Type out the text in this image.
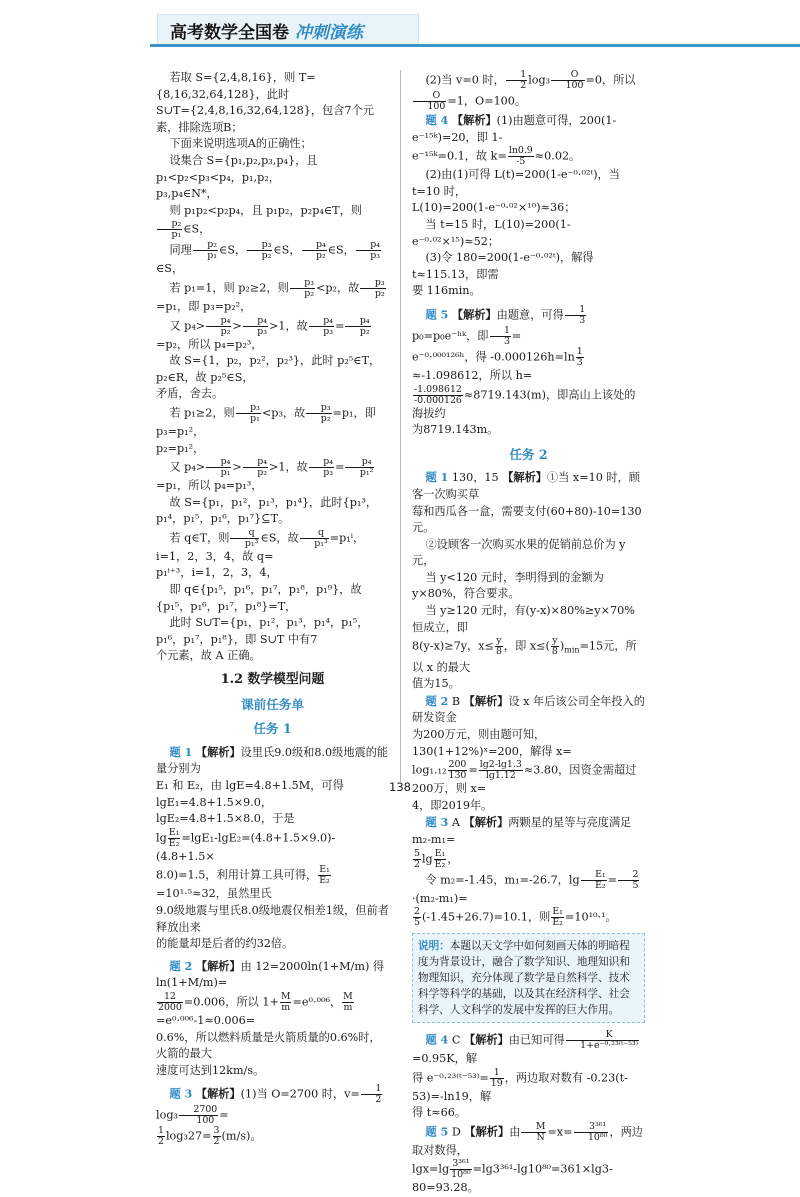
高考数学全国卷 冲刺演练

若取 S={2,4,8,16}，则 T={8,16,32,64,128}，此时

S∪T={2,4,8,16,32,64,128}，包含7个元素，排除选项B；

下面来说明选项A的正确性；

设集合 S={p₁,p₂,p₃,p₄}，且 p₁<p₂<p₃<p₄，p₁,p₂，

p₃,p₄∈N*，

则 p₁p₂<p₂p₄，且 p₁p₂，p₂p₄∈T，则
$\frac{\text{p₂}}{\text{p₁}}$ ∈S，

同理 $\frac{\text{p₂}}{\text{p₁}}$ ∈S， $\frac{\text{p₃}}{\text{p₂}}$ ∈S， $\frac{\text{p₄}}{\text{p₂}}$ ∈S， $\frac{\text{p₄}}{\text{p₃}}$
∈S，

若 p₁=1，则 p₂≥2，则 $\frac{\text{p₃}}{\text{p₂}} <p_2$，故 $\frac{\text{p₃}}{\text{p₂}}$
=p₁，即 p₃=p₂²，

又 $p_4> \frac{\text{p₄}}{\text{p₂}} > \frac{\text{p₄}}{\text{p₃}} >1$，故 $\frac{\text{p₄}}{\text{p₃}} = \frac{\text{p₄}}{\text{p₂}}$
=p₂，所以 p₄=p₂³，

故 S={1，p₂，p₂²，p₂³}，此时 p₂⁵∈T，p₂∈R，故 p₂⁵∈S，

矛盾，舍去。

若 p₁≥2，则 $\frac{\text{p₃}}{\text{p₁}} <p_3$，故 $\frac{\text{p₃}}{\text{p₂}} =p_1$，即 p₃=p₁²，

p₂=p₁²，

又 $p_4> \frac{\text{p₄}}{\text{p₁}} > \frac{\text{p₄}}{\text{p₂}} >1$，故 $\frac{\text{p₄}}{\text{p₃}} = \frac{\text{p₄}}{\text{p₁²}}$
=p₁，所以 p₄=p₁³，

故 S={p₁，p₁²，p₁³，p₁⁴}，此时{p₁³，p₁⁴，p₁⁵，p₁⁶，p₁⁷}⊆T。

若 q∈T，则 $\frac{q}{\text{p₁³}}$ ∈S，故 $\frac{q}{\text{p₁³}} =p_1^i$，i=1，2，3，4，故 q=

p₁ⁱ⁺³，i=1，2，3，4，

即 q∈{p₁⁵，p₁⁶，p₁⁷，p₁⁸，p₁⁹}，故{p₁⁵，p₁⁶，p₁⁷，p₁⁸}=T，

此时 S∪T={p₁，p₁²，p₁³，p₁⁴，p₁⁵，p₁⁶，p₁⁷，p₁⁸}，即 S∪T 中有7

个元素，故 A 正确。

1.2 数学模型问题
课前任务单
任务 1

题 1 【解析】设里氏9.0级和8.0级地震的能量分别为

E₁ 和 E₂，由 lgE=4.8+1.5M，可得 lgE₁=4.8+1.5×9.0，

lgE₂=4.8+1.5×8.0，于是

$\lg \frac{\text{E₁}}{\text{E₂}} =\lg E_1-\lg E_2=(4.8+1.5\times 9.0)-(4.8+1.5\times$

8.0)=1.5，利用计算工具可得， $\frac{\text{E₁}}{\text{E₂}}$
=10¹·⁵≈32，虽然里氏

9.0级地震与里氏8.0级地震仅相差1级，但前者释放出来

的能量却是后者的约32倍。

题 2 【解析】由 12=2000ln(1+M/m) 得 ln(1+M/m)=

$\frac{12}{2000} =0.006$，所以 $1+ \frac{M}{m} =e^0\cdot^{006}$， $\frac{M}{m}$
=e⁰·⁰⁰⁶-1≈0.006=

0.6%，所以燃料质量是火箭质量的0.6%时，火箭的最大

速度可达到12km/s。

题 3 【解析】(1)当 O=2700 时，$v= \frac{1}{2}$
$\log_3 \frac{2700}{100}$ =

$\frac{1}{2} \log_327= \frac{3}{2} (m/s)$。

(2)当 v=0 时， $\frac{1}{2} \log_3 \frac{O}{100} =0$，所以
$\frac{O}{100} =1$，O=100。

题 4 【解析】(1)由题意可得，200(1-e⁻¹⁵ᵏ)=20，即 1-

e⁻¹⁵ᵏ=0.1，故 $k= \frac{\ln 0.9}{-5} \approx 0.02$。

(2)由(1)可得 L(t)=200(1-e⁻⁰·⁰²ᵗ)，当 t=10 时，

L(10)=200(1-e⁻⁰·⁰²×¹⁰)≈36；

当 t=15 时，L(10)=200(1-e⁻⁰·⁰²×¹⁵)≈52；

(3)令 180=200(1-e⁻⁰·⁰²ᵗ)，解得 t≈115.13，即需

要 116min。

题 5 【解析】由题意，可得 $\frac{1}{3}$
p₀=p₀e⁻ʰᵏ，即 $\frac{1}{3}$ =

e⁻⁰·⁰⁰⁰¹²⁶ʰ，得 $-0.000126h=\ln \frac{1}{3}$
≈-1.098612，所以 h=

$\frac{-1.098612}{-0.000126} \approx 8719.143(m)$，即高山上该处的海拔约

为8719.143m。

任务 2

题 1 130，15 【解析】①当 x=10 时，顾客一次购买草

莓和西瓜各一盒，需要支付(60+80)-10=130元。

②设顾客一次购买水果的促销前总价为 y 元，

当 y<120 元时，李明得到的金额为 y×80%，符合要求。

当 y≥120 元时，有(y-x)×80%≥y×70%恒成立，即

8(y-x)≥7y，$x\le \frac{y}{8}$ ，即 $x\le( \frac{y}{8} )_{min}=15$元，所以 x 的最大

值为15。

题 2 B 【解析】设 x 年后该公司全年投入的研发资金

为200万元，则由题可知，130(1+12%)ˣ=200，解得 x=

$\log_1._{12} \frac{200}{130} = \frac{\lg 2-\lg 1.3}{\lg 1.12} \approx 3.80$，因资金需超过200万，则 x=

4，即2019年。

题 3 A 【解析】两颗星的星等与亮度满足 m₂-m₁=

$\frac{5}{2}$ $\lg \frac{\text{E₁}}{\text{E₂}}$ ，

令 m₂=-1.45，m₁=-26.7，$\lg \frac{\text{E₁}}{\text{E₂}} = \frac{2}{5}$
·(m₂-m₁)=

$\frac{2}{5} (-1.45+26.7)=10.1$，则 $\frac{\text{E₁}}{\text{E₂}} =10^{10}\cdot^1$。

说明：本题以天文学中如何刻画天体的明暗程度为背景设计，融合了数学知识、地理知识和物理知识，充分体现了数学是自然科学、技术科学等科学的基础，以及其在经济科学、社会科学、人文科学的发展中发挥的巨大作用。

题 4 C 【解析】由已知可得 $\frac{K}{\text{1+e⁻⁰·²³⁽ᵗ⁻⁵³⁾}}$
=0.95K，解

得 e⁻⁰·²³⁽ᵗ⁻⁵³⁾= $\frac{1}{19}$ ，两边取对数有 -0.23(t-53)=-ln19，解

得 t≈66。

题 5 D 【解析】由 $\frac{M}{N} =x= \frac{\text{3³⁶¹}}{\text{10⁸⁰}}$ ，两边取对数得，

$\lg x=\lg \frac{\text{3³⁶¹}}{\text{10⁸⁰}} =\lg 3^{361}-\lg 10^{80}=361\times\lg 3-80=93.28$。

138
